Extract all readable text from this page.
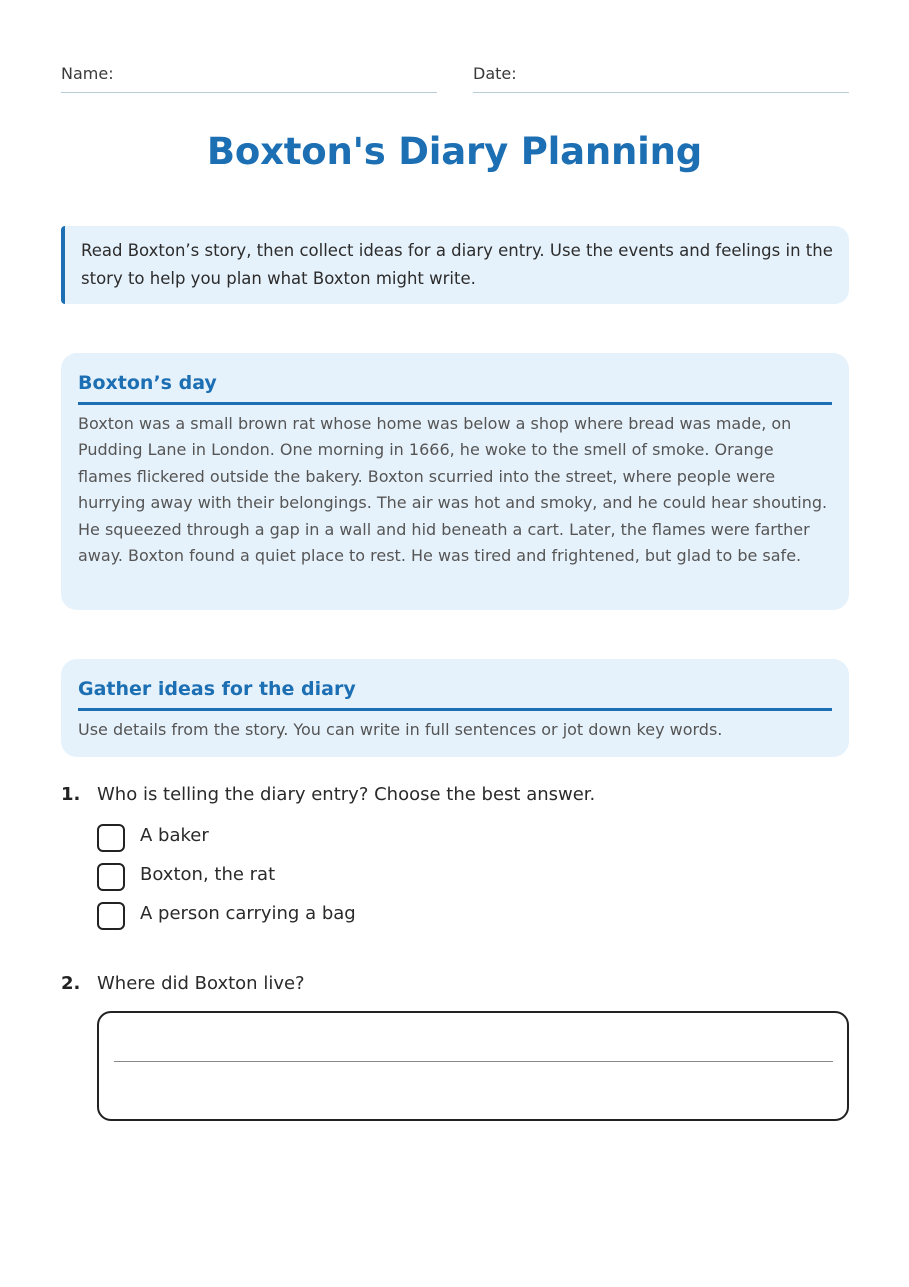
Name:	Date:
Boxton's Diary Planning
Read Boxton’s story, then collect ideas for a diary entry. Use the events and feelings in the story to help you plan what Boxton might write.
Boxton’s day
Boxton was a small brown rat whose home was below a shop where bread was made, on Pudding Lane in London. One morning in 1666, he woke to the smell of smoke. Orange flames flickered outside the bakery. Boxton scurried into the street, where people were hurrying away with their belongings. The air was hot and smoky, and he could hear shouting. He squeezed through a gap in a wall and hid beneath a cart. Later, the flames were farther away. Boxton found a quiet place to rest. He was tired and frightened, but glad to be safe.
Gather ideas for the diary
Use details from the story. You can write in full sentences or jot down key words.
1. Who is telling the diary entry? Choose the best answer.
A baker
Boxton, the rat
A person carrying a bag
2. Where did Boxton live?
